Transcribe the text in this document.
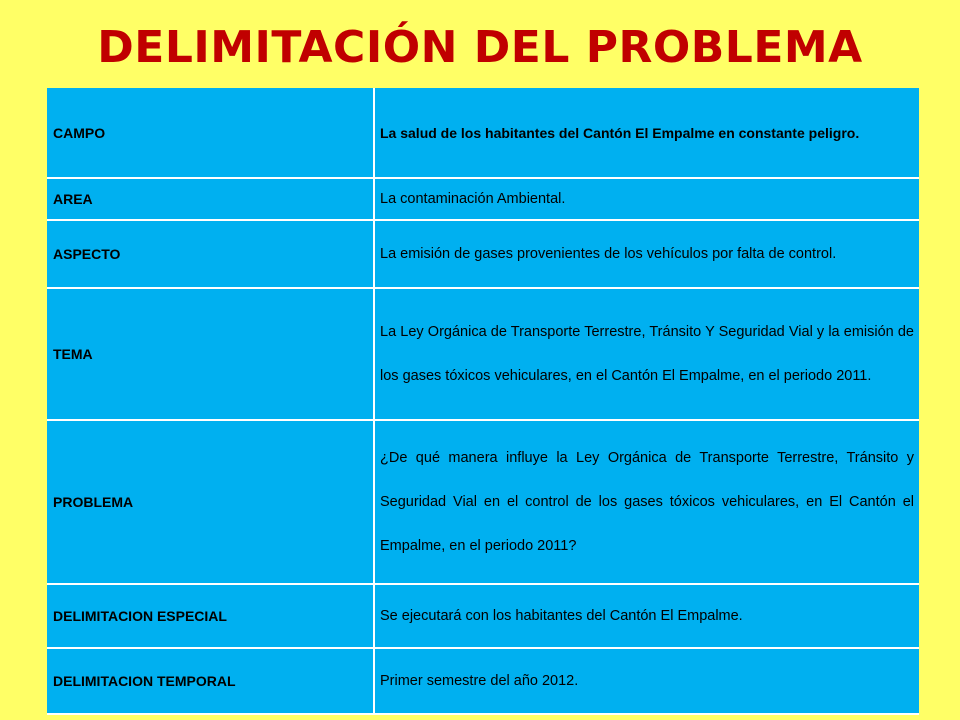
DELIMITACIÓN DEL PROBLEMA
CAMPO	La salud de los habitantes del Cantón El Empalme en constante peligro.
AREA	La contaminación Ambiental.
ASPECTO	La emisión de gases provenientes de los vehículos por falta de control.
TEMA	La Ley Orgánica de Transporte Terrestre, Tránsito Y Seguridad Vial y la emisión de los gases tóxicos vehiculares, en el Cantón El Empalme, en el periodo 2011.
PROBLEMA	¿De qué manera influye la Ley Orgánica de Transporte Terrestre, Tránsito y Seguridad Vial en el control de los gases tóxicos vehiculares, en El Cantón el Empalme, en el periodo 2011?
DELIMITACION ESPECIAL	Se ejecutará con los habitantes del Cantón El Empalme.
DELIMITACION TEMPORAL	Primer semestre del año 2012.
